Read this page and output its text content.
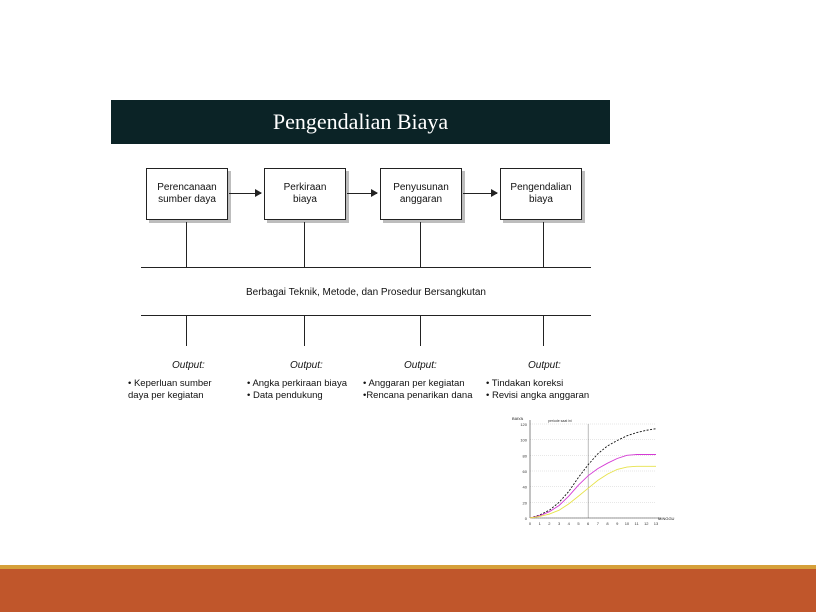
Pengendalian Biaya
Perencanaan
sumber daya
Perkiraan
biaya
Penyusunan
anggaran
Pengendalian
biaya
Berbagai Teknik, Metode, dan Prosedur Bersangkutan
Output:
• Keperluan sumber
daya per kegiatan
Output:
• Angka perkiraan biaya
• Data pendukung
Output:
• Anggaran per kegiatan
•Rencana penarikan dana
Output:
• Tindakan koreksi
• Revisi angka anggaran
0
20
40
60
80
100
120
0 1 2 3 4 5 6 7 8 9 10 11 12 13
BIAYA
MINGGU
periode saat ini
